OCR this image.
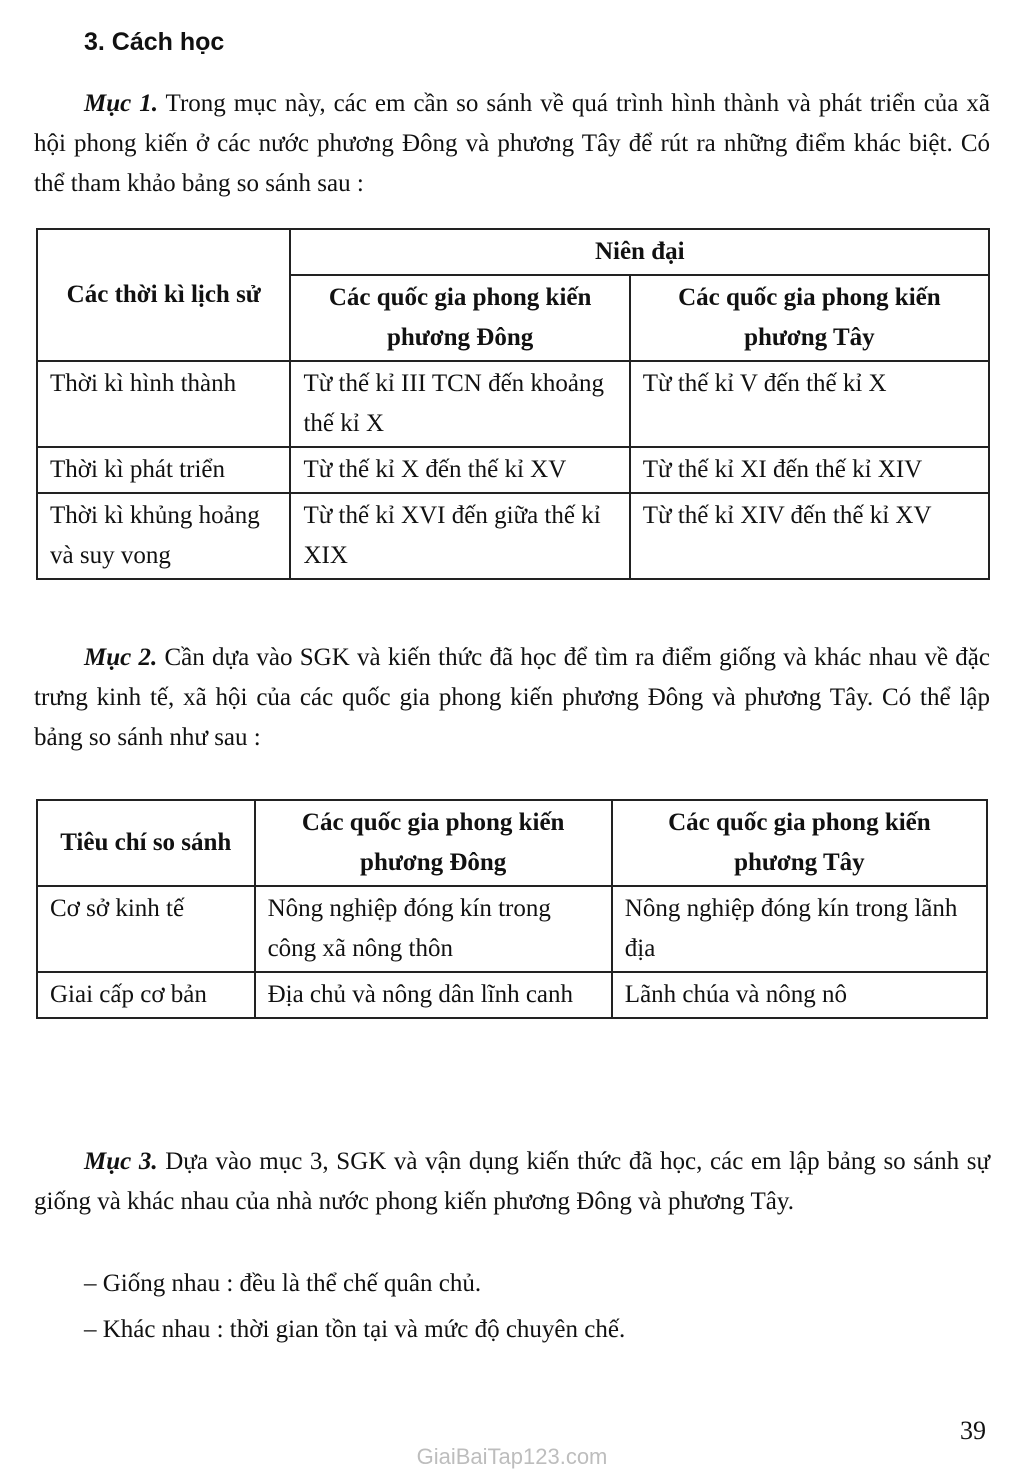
3. Cách học

Mục 1. Trong mục này, các em cần so sánh về quá trình hình thành và phát triển của xã hội phong kiến ở các nước phương Đông và phương Tây để rút ra những điểm khác biệt. Có thể tham khảo bảng so sánh sau :

Các thời kì lịch sử	Niên đại	
	Các quốc gia phong kiến phương Đông	Các quốc gia phong kiến phương Tây
Thời kì hình thành	Từ thế kỉ III TCN đến khoảng thế kỉ X	Từ thế kỉ V đến thế kỉ X
Thời kì phát triển	Từ thế kỉ X đến thế kỉ XV	Từ thế kỉ XI đến thế kỉ XIV
Thời kì khủng hoảng và suy vong	Từ thế kỉ XVI đến giữa thế kỉ XIX	Từ thế kỉ XIV đến thế kỉ XV

Mục 2. Cần dựa vào SGK và kiến thức đã học để tìm ra điểm giống và khác nhau về đặc trưng kinh tế, xã hội của các quốc gia phong kiến phương Đông và phương Tây. Có thể lập bảng so sánh như sau :

Tiêu chí so sánh	Các quốc gia phong kiến phương Đông	Các quốc gia phong kiến phương Tây
Cơ sở kinh tế	Nông nghiệp đóng kín trong công xã nông thôn	Nông nghiệp đóng kín trong lãnh địa
Giai cấp cơ bản	Địa chủ và nông dân lĩnh canh	Lãnh chúa và nông nô

Mục 3. Dựa vào mục 3, SGK và vận dụng kiến thức đã học, các em lập bảng so sánh sự giống và khác nhau của nhà nước phong kiến phương Đông và phương Tây.

– Giống nhau : đều là thể chế quân chủ.

– Khác nhau : thời gian tồn tại và mức độ chuyên chế.

39
GiaiBaiTap123.com
